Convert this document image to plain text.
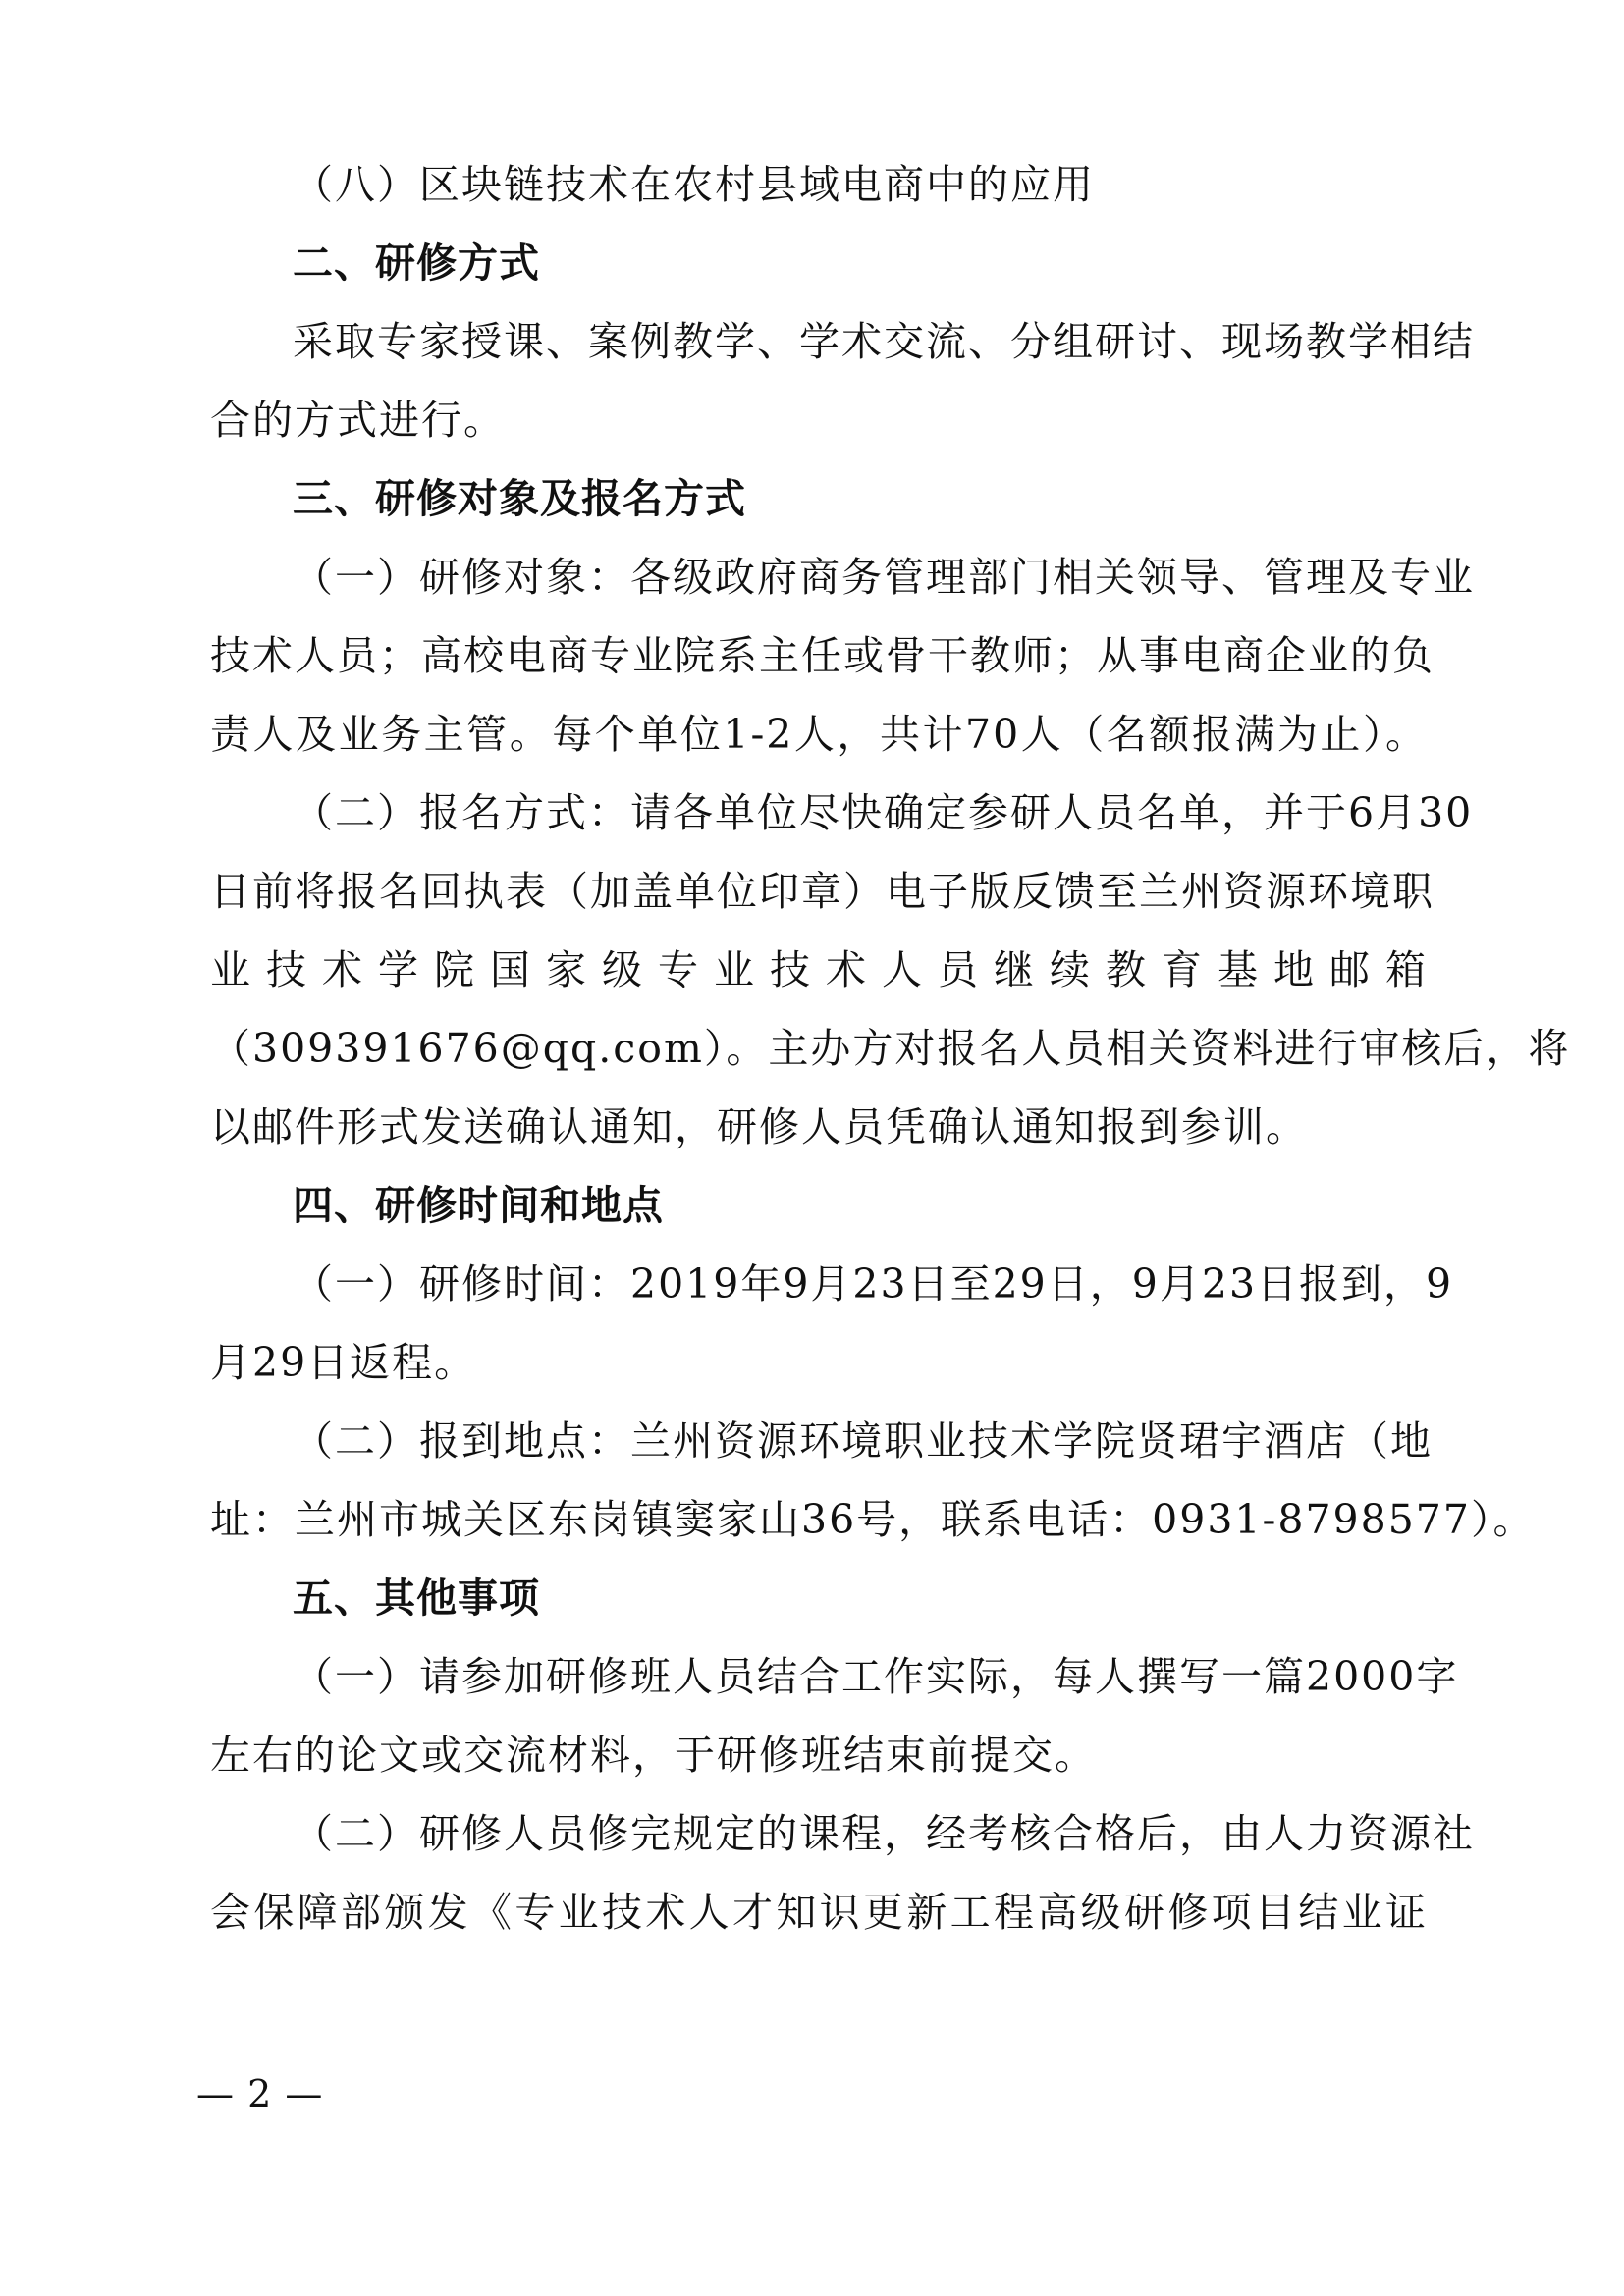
（八）区块链技术在农村县域电商中的应用
二、研修方式
采取专家授课、案例教学、学术交流、分组研讨、现场教学相结
合的方式进行。
三、研修对象及报名方式
（一）研修对象：各级政府商务管理部门相关领导、管理及专业
技术人员；高校电商专业院系主任或骨干教师；从事电商企业的负
责人及业务主管。每个单位1-2人，共计70人（名额报满为止）。
（二）报名方式：请各单位尽快确定参研人员名单，并于6月30
日前将报名回执表（加盖单位印章）电子版反馈至兰州资源环境职
业技术学院国家级专业技术人员继续教育基地邮箱
（309391676@qq.com）。主办方对报名人员相关资料进行审核后，将
以邮件形式发送确认通知，研修人员凭确认通知报到参训。
四、研修时间和地点
（一）研修时间：2019年9月23日至29日，9月23日报到，9
月29日返程。
（二）报到地点：兰州资源环境职业技术学院贤珺宇酒店（地
址：兰州市城关区东岗镇窦家山36号，联系电话：0931-8798577）。
五、其他事项
（一）请参加研修班人员结合工作实际，每人撰写一篇2000字
左右的论文或交流材料，于研修班结束前提交。
（二）研修人员修完规定的课程，经考核合格后，由人力资源社
会保障部颁发《专业技术人才知识更新工程高级研修项目结业证
— 2 —
